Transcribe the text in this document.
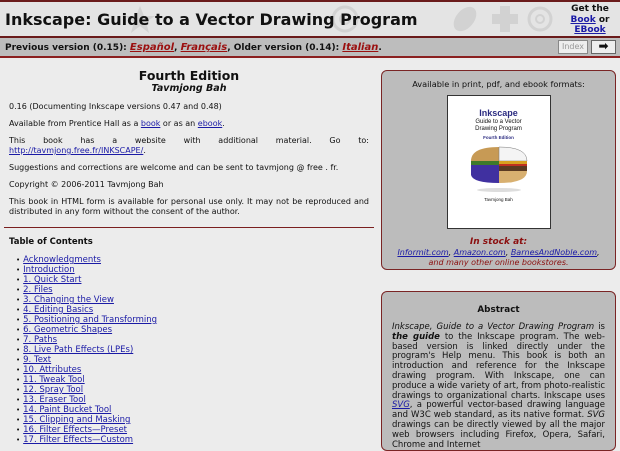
Inkscape: Guide to a Vector Drawing Program
Get the
Book or
EBook
Previous version (0.15): Español, Français, Older version (0.14): Italian.	Index	➡
Fourth Edition
Tavmjong Bah

0.16 (Documenting Inkscape versions 0.47 and 0.48)

Available from Prentice Hall as a book or as an ebook.

This book has a website with additional material. Go to: http://tavmjong.free.fr/INKSCAPE/.

Suggestions and corrections are welcome and can be sent to tavmjong @ free . fr.

Copyright © 2006-2011 Tavmjong Bah

This book in HTML form is available for personal use only. It may not be reproduced and distributed in any form without the consent of the author.

Table of Contents
• Acknowledgments
• Introduction
• 1. Quick Start
• 2. Files
• 3. Changing the View
• 4. Editing Basics
• 5. Positioning and Transforming
• 6. Geometric Shapes
• 7. Paths
• 8. Live Path Effects (LPEs)
• 9. Text
• 10. Attributes
• 11. Tweak Tool
• 12. Spray Tool
• 13. Eraser Tool
• 14. Paint Bucket Tool
• 15. Clipping and Masking
• 16. Filter Effects—Preset
• 17. Filter Effects—Custom
Available in print, pdf, and ebook formats:
Inkscape
Guide to a Vector Drawing Program
Fourth Edition
Tavmjong Bah
In stock at:
Informit.com, Amazon.com, BarnesAndNoble.com,
and many other online bookstores.
Abstract

Inkscape, Guide to a Vector Drawing Program is the guide to the Inkscape program. The web-based version is linked directly under the program's Help menu. This book is both an introduction and reference for the Inkscape drawing program. With Inkscape, one can produce a wide variety of art, from photo-realistic drawings to organizational charts. Inkscape uses SVG, a powerful vector-based drawing language and W3C web standard, as its native format. SVG drawings can be directly viewed by all the major web browsers including Firefox, Opera, Safari, Chrome and Internet
